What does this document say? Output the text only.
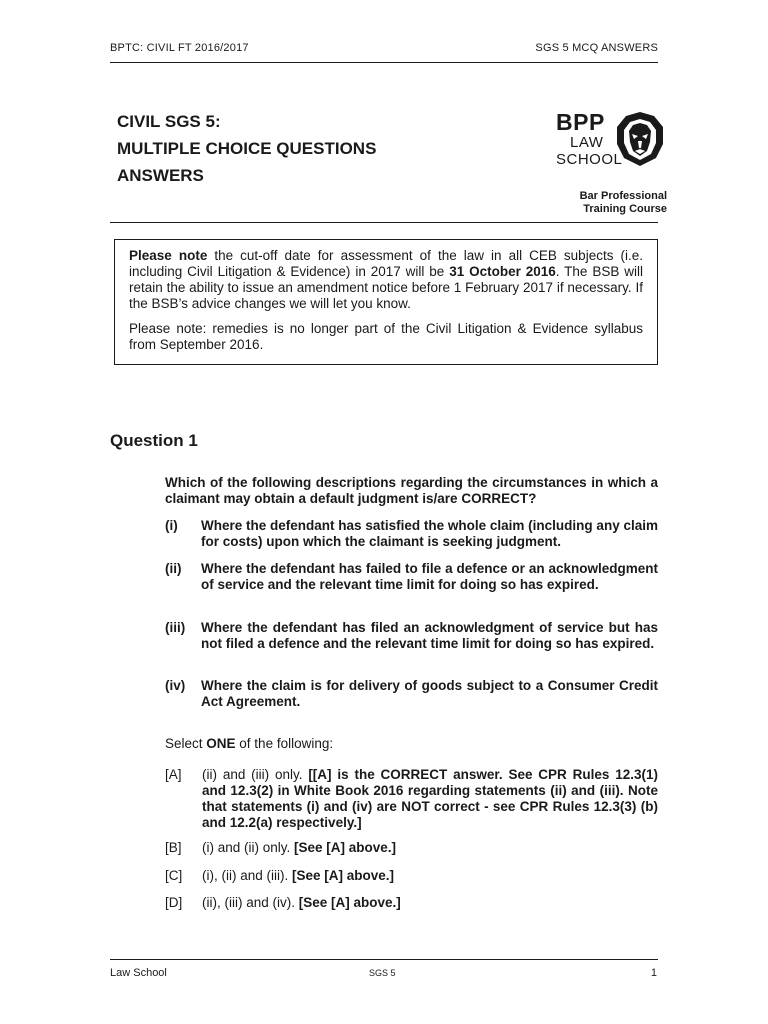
BPTC: CIVIL FT 2016/2017	SGS 5 MCQ ANSWERS
CIVIL SGS 5:
MULTIPLE CHOICE QUESTIONS
ANSWERS
BPP
LAW
SCHOOL
Bar Professional
Training Course

Please note the cut-off date for assessment of the law in all CEB subjects (i.e. including Civil Litigation & Evidence) in 2017 will be 31 October 2016. The BSB will retain the ability to issue an amendment notice before 1 February 2017 if necessary. If the BSB’s advice changes we will let you know.

Please note: remedies is no longer part of the Civil Litigation & Evidence syllabus from September 2016.

Question 1
Which of the following descriptions regarding the circumstances in which a claimant may obtain a default judgment is/are CORRECT?
(i) Where the defendant has satisfied the whole claim (including any claim for costs) upon which the claimant is seeking judgment.
(ii) Where the defendant has failed to file a defence or an acknowledgment of service and the relevant time limit for doing so has expired.
(iii) Where the defendant has filed an acknowledgment of service but has not filed a defence and the relevant time limit for doing so has expired.
(iv) Where the claim is for delivery of goods subject to a Consumer Credit Act Agreement.
Select ONE of the following:
[A] (ii) and (iii) only. [[A] is the CORRECT answer. See CPR Rules 12.3(1) and 12.3(2) in White Book 2016 regarding statements (ii) and (iii). Note that statements (i) and (iv) are NOT correct - see CPR Rules 12.3(3) (b) and 12.2(a) respectively.]
[B] (i) and (ii) only. [See [A] above.]
[C] (i), (ii) and (iii). [See [A] above.]
[D] (ii), (iii) and (iv). [See [A] above.]
Law School	SGS 5	1
